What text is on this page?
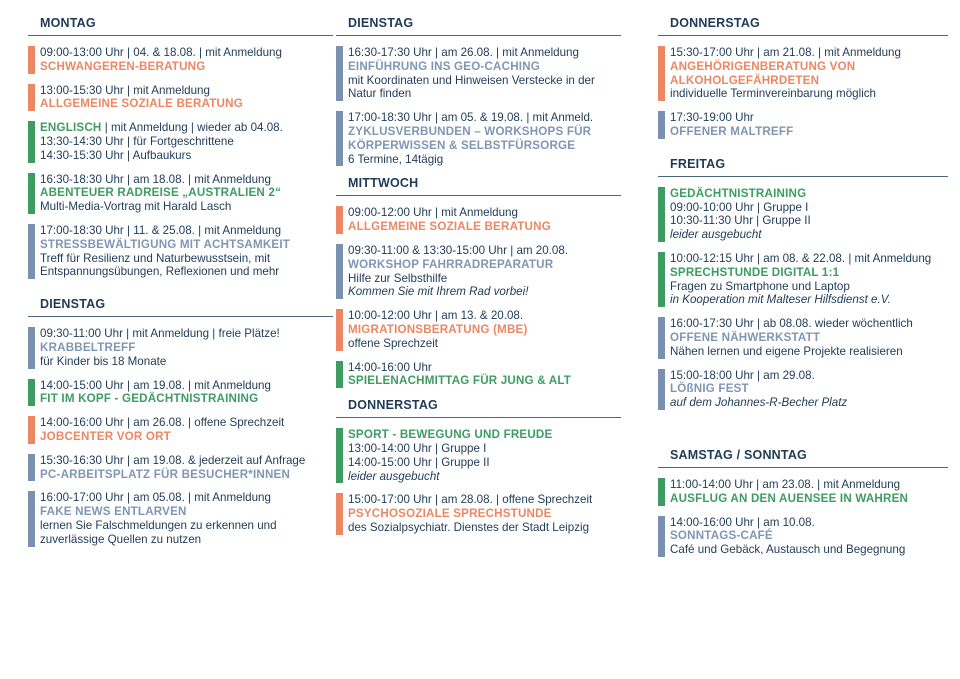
MONTAG
09:00-13:00 Uhr | 04. & 18.08. | mit Anmeldung
SCHWANGEREN-BERATUNG
13:00-15:30 Uhr | mit Anmeldung
ALLGEMEINE SOZIALE BERATUNG
ENGLISCH | mit Anmeldung | wieder ab 04.08.
13:30-14:30 Uhr | für Fortgeschrittene
14:30-15:30 Uhr | Aufbaukurs
16:30-18:30 Uhr | am 18.08. | mit Anmeldung
ABENTEUER RADREISE „AUSTRALIEN 2“
Multi-Media-Vortrag mit Harald Lasch
17:00-18:30 Uhr | 11. & 25.08. | mit Anmeldung
STRESSBEWÄLTIGUNG MIT ACHTSAMKEIT
Treff für Resilienz und Naturbewusstsein, mit
Entspannungsübungen, Reflexionen und mehr
DIENSTAG
09:30-11:00 Uhr | mit Anmeldung | freie Plätze!
KRABBELTREFF
für Kinder bis 18 Monate
14:00-15:00 Uhr | am 19.08. | mit Anmeldung
FIT IM KOPF - GEDÄCHTNISTRAINING
14:00-16:00 Uhr | am 26.08. | offene Sprechzeit
JOBCENTER VOR ORT
15:30-16:30 Uhr | am 19.08. & jederzeit auf Anfrage
PC-ARBEITSPLATZ FÜR BESUCHER*INNEN
16:00-17:00 Uhr | am 05.08. | mit Anmeldung
FAKE NEWS ENTLARVEN
lernen Sie Falschmeldungen zu erkennen und
zuverlässige Quellen zu nutzen
DIENSTAG
16:30-17:30 Uhr | am 26.08. | mit Anmeldung
EINFÜHRUNG INS GEO-CACHING
mit Koordinaten und Hinweisen Verstecke in der
Natur finden
17:00-18:30 Uhr | am 05. & 19.08. | mit Anmeld.
ZYKLUSVERBUNDEN – WORKSHOPS FÜR
KÖRPERWISSEN & SELBSTFÜRSORGE
6 Termine, 14tägig
MITTWOCH
09:00-12:00 Uhr | mit Anmeldung
ALLGEMEINE SOZIALE BERATUNG
09:30-11:00 & 13:30-15:00 Uhr | am 20.08.
WORKSHOP FAHRRADREPARATUR
Hilfe zur Selbsthilfe
Kommen Sie mit Ihrem Rad vorbei!
10:00-12:00 Uhr | am 13. & 20.08.
MIGRATIONSBERATUNG (MBE)
offene Sprechzeit
14:00-16:00 Uhr
SPIELENACHMITTAG FÜR JUNG & ALT
DONNERSTAG
SPORT - BEWEGUNG UND FREUDE
13:00-14:00 Uhr | Gruppe I
14:00-15:00 Uhr | Gruppe II
leider ausgebucht
15:00-17:00 Uhr | am 28.08. | offene Sprechzeit
PSYCHOSOZIALE SPRECHSTUNDE
des Sozialpsychiatr. Dienstes der Stadt Leipzig
DONNERSTAG
15:30-17:00 Uhr | am 21.08. | mit Anmeldung
ANGEHÖRIGENBERATUNG VON
ALKOHOLGEFÄHRDETEN
individuelle Terminvereinbarung möglich
17:30-19:00 Uhr
OFFENER MALTREFF
FREITAG
GEDÄCHTNISTRAINING
09:00-10:00 Uhr | Gruppe I
10:30-11:30 Uhr | Gruppe II
leider ausgebucht
10:00-12:15 Uhr | am 08. & 22.08. | mit Anmeldung
SPRECHSTUNDE DIGITAL 1:1
Fragen zu Smartphone und Laptop
in Kooperation mit Malteser Hilfsdienst e.V.
16:00-17:30 Uhr | ab 08.08. wieder wöchentlich
OFFENE NÄHWERKSTATT
Nähen lernen und eigene Projekte realisieren
15:00-18:00 Uhr | am 29.08.
LÖßNIG FEST
auf dem Johannes-R-Becher Platz
SAMSTAG / SONNTAG
11:00-14:00 Uhr | am 23.08. | mit Anmeldung
AUSFLUG AN DEN AUENSEE IN WAHREN
14:00-16:00 Uhr | am 10.08.
SONNTAGS-CAFÉ
Café und Gebäck, Austausch und Begegnung
